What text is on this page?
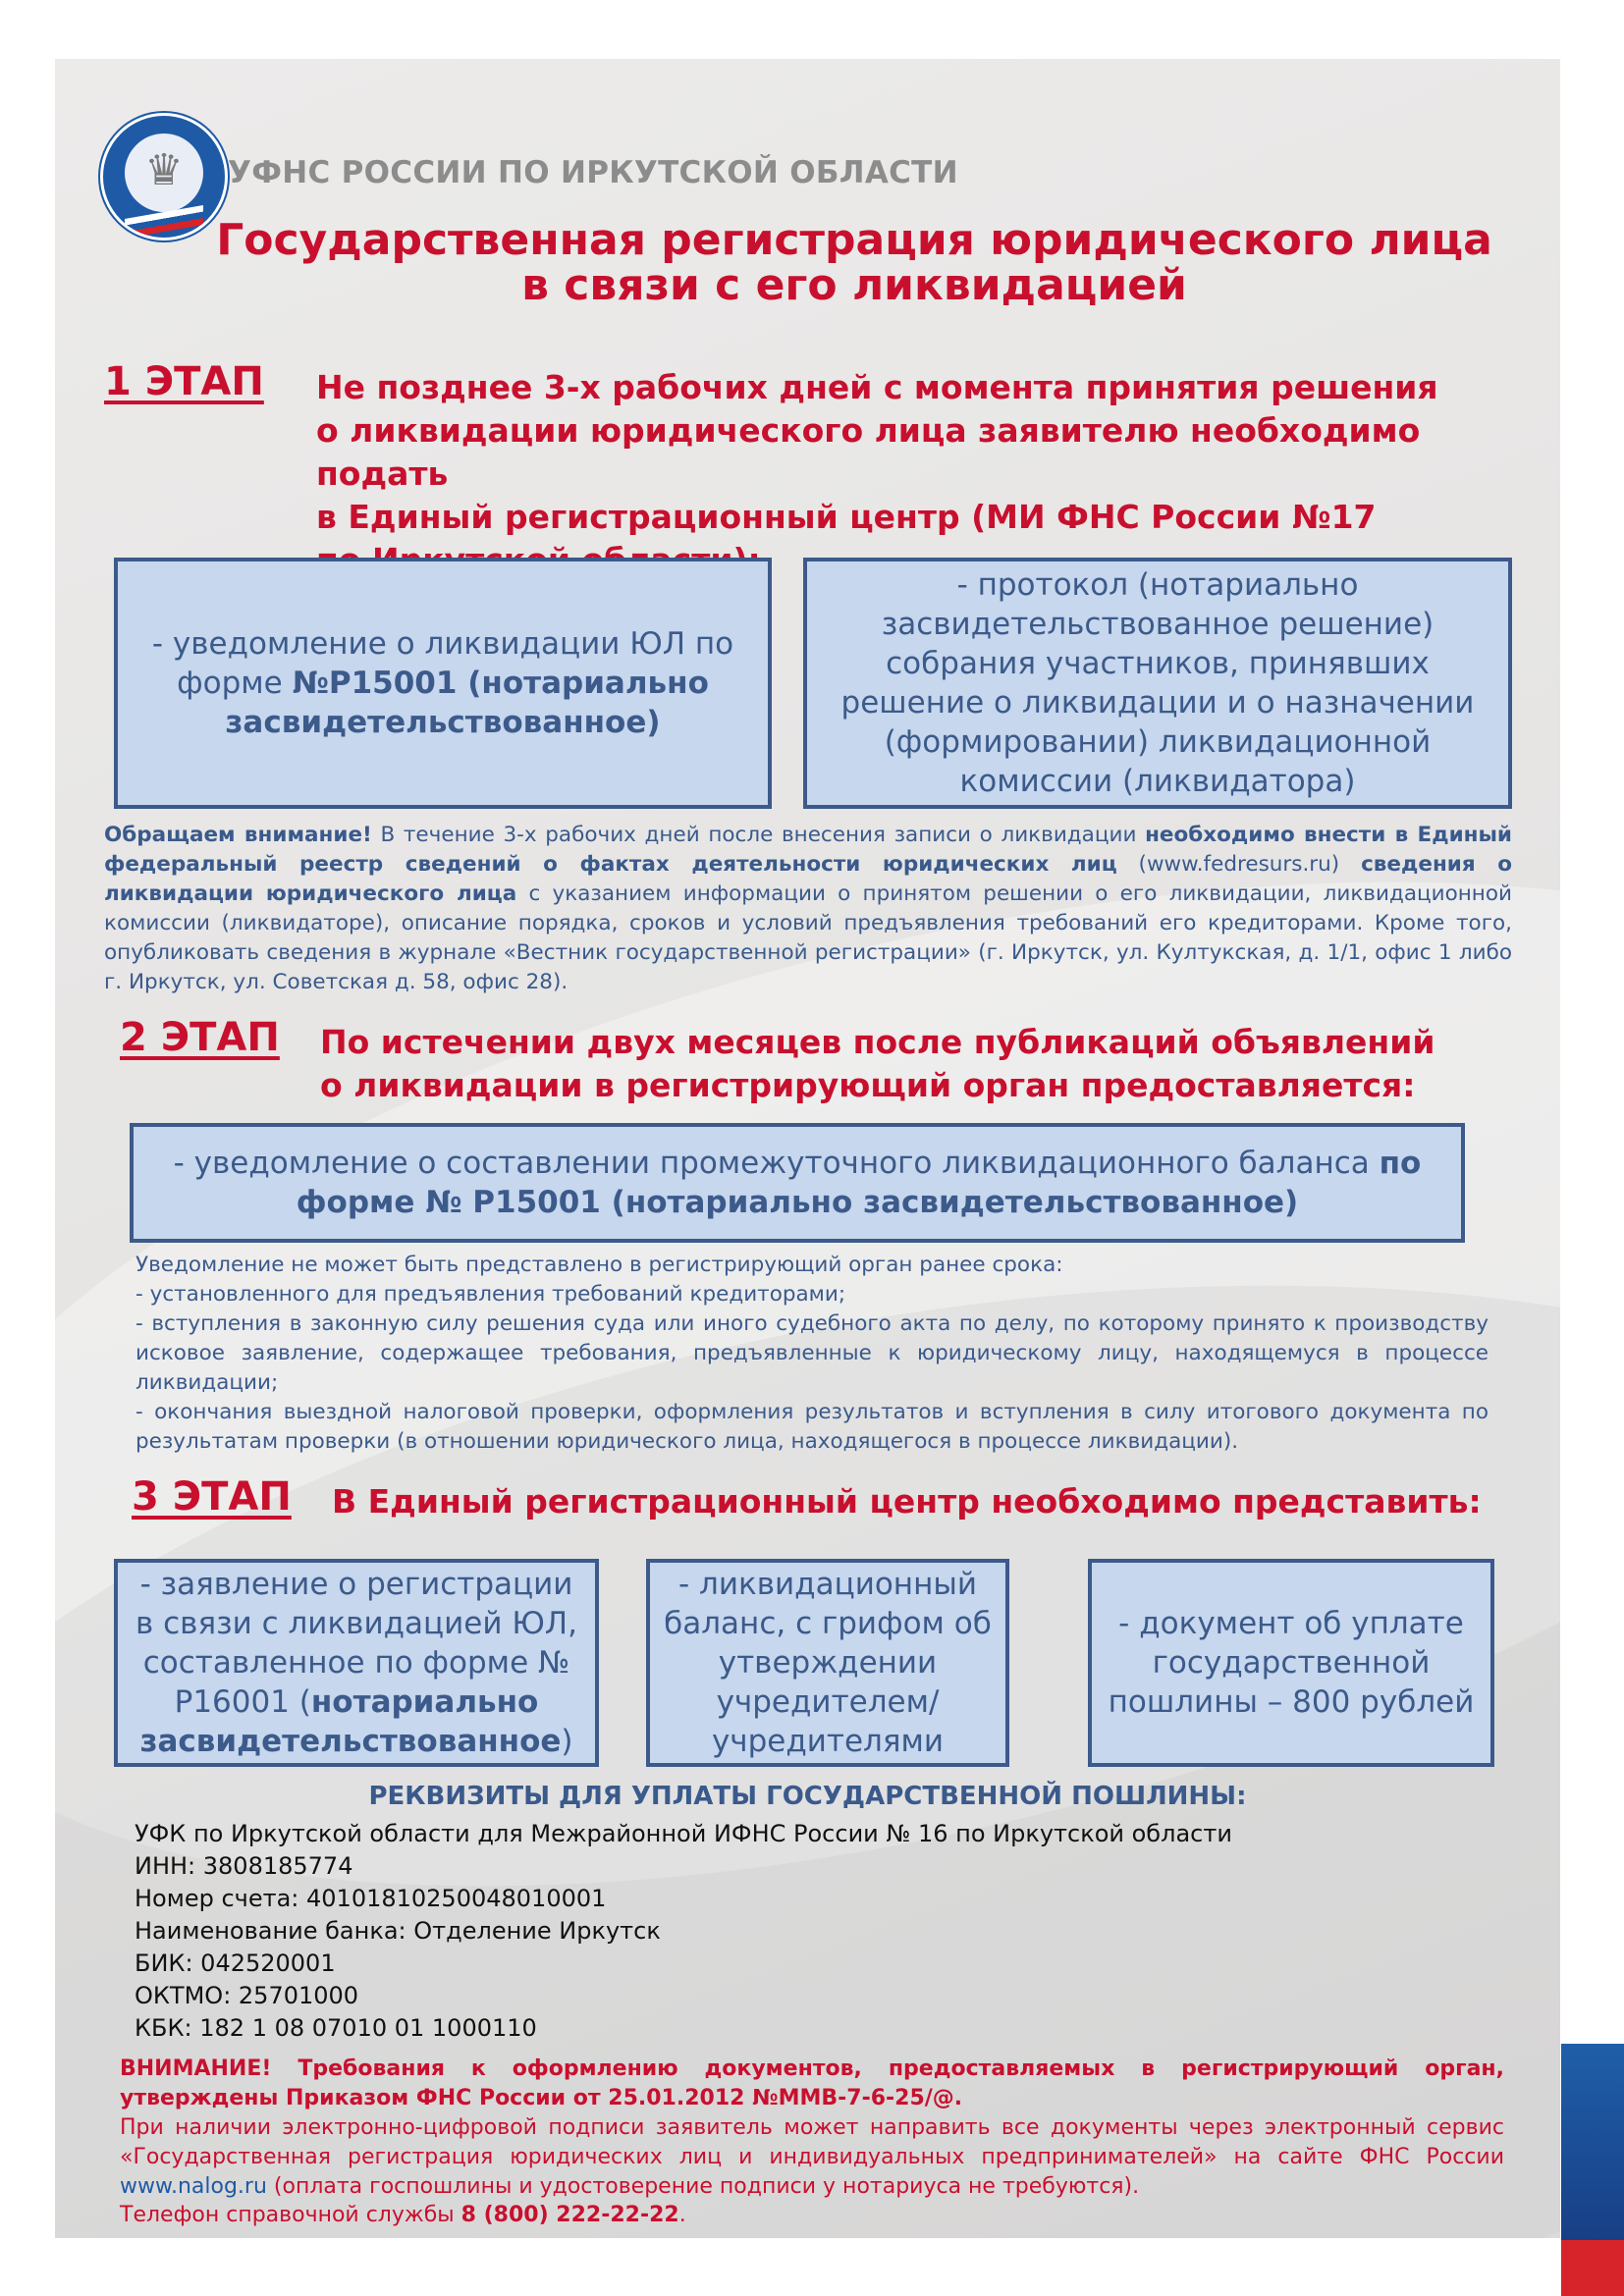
♛	УФНС РОССИИ ПО ИРКУТСКОЙ ОБЛАСТИ
Государственная регистрация юридического лица
в связи с его ликвидацией
1 ЭТАП Не позднее 3-х рабочих дней с момента принятия решения
о ликвидации юридического лица заявителю необходимо подать
в Единый регистрационный центр (МИ ФНС России №17

- уведомление о ликвидации ЮЛ по форме №Р15001 (нотариально засвидетельствованное)

- протокол (нотариально засвидетельствованное решение) собрания участников, принявших решение о ликвидации и о назначении (формировании) ликвидационной комиссии (ликвидатора)

Обращаем внимание! В течение 3-х рабочих дней после внесения записи о ликвидации необходимо внести в Единый федеральный реестр сведений о фактах деятельности юридических лиц (www.fedresurs.ru) сведения о ликвидации юридического лица с указанием информации о принятом решении о его ликвидации, ликвидационной комиссии (ликвидаторе), описание порядка, сроков и условий предъявления требований его кредиторами. Кроме того, опубликовать сведения в журнале «Вестник государственной регистрации» (г. Иркутск, ул. Култукская, д. 1/1, офис 1 либо г. Иркутск, ул. Советская д. 58, офис 28).

2 ЭТАП По истечении двух месяцев после публикаций объявлений
о ликвидации в регистрирующий орган предоставляется:

- уведомление о составлении промежуточного ликвидационного баланса по форме № Р15001 (нотариально засвидетельствованное)

Уведомление не может быть представлено в регистрирующий орган ранее срока:

- установленного для предъявления требований кредиторами;

- вступления в законную силу решения суда или иного судебного акта по делу, по которому принято к производству исковое заявление, содержащее требования, предъявленные к юридическому лицу, находящемуся в процессе ликвидации;

- окончания выездной налоговой проверки, оформления результатов и вступления в силу итогового документа по результатам проверки (в отношении юридического лица, находящегося в процессе ликвидации).

3 ЭТАП В Единый регистрационный центр необходимо представить:

- заявление о регистрации в связи с ликвидацией ЮЛ, составленное по форме № Р16001 (нотариально засвидетельствованное)

- ликвидационный баланс, с грифом об утверждении учредителем/ учредителями

- документ об уплате государственной пошлины – 800 рублей

РЕКВИЗИТЫ ДЛЯ УПЛАТЫ ГОСУДАРСТВЕННОЙ ПОШЛИНЫ:
УФК по Иркутской области для Межрайонной ИФНС России № 16 по Иркутской области
ИНН: 3808185774
Номер счета: 40101810250048010001
Наименование банка: Отделение Иркутск
БИК: 042520001
ОКТМО: 25701000
КБК: 182 1 08 07010 01 1000110

ВНИМАНИЕ! Требования к оформлению документов, предоставляемых в регистрирующий орган, утверждены Приказом ФНС России от 25.01.2012 №ММВ-7-6-25/@.

При наличии электронно-цифровой подписи заявитель может направить все документы через электронный сервис «Государственная регистрация юридических лиц и индивидуальных предпринимателей» на сайте ФНС России www.nalog.ru (оплата госпошлины и удостоверение подписи у нотариуса не требуются).

Телефон справочной службы 8 (800) 222-22-22.
